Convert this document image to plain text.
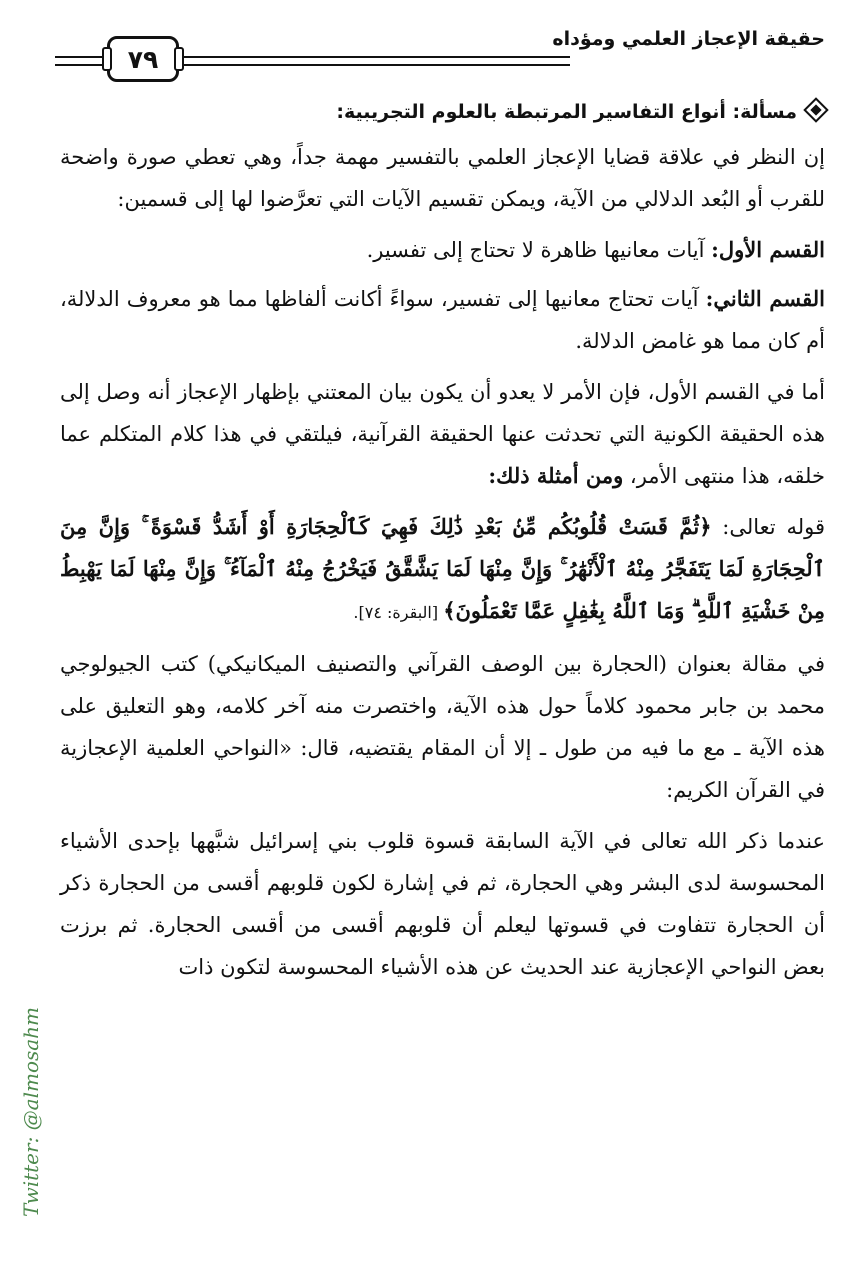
حقيقة الإعجاز العلمي ومؤداه
٧٩
مسألة: أنواع التفاسير المرتبطة بالعلوم التجريبية:

إن النظر في علاقة قضايا الإعجاز العلمي بالتفسير مهمة جداً، وهي تعطي صورة واضحة للقرب أو البُعد الدلالي من الآية، ويمكن تقسيم الآيات التي تعرَّضوا لها إلى قسمين:

القسم الأول: آيات معانيها ظاهرة لا تحتاج إلى تفسير.

القسم الثاني: آيات تحتاج معانيها إلى تفسير، سواءً أكانت ألفاظها مما هو معروف الدلالة، أم كان مما هو غامض الدلالة.

أما في القسم الأول، فإن الأمر لا يعدو أن يكون بيان المعتني بإظهار الإعجاز أنه وصل إلى هذه الحقيقة الكونية التي تحدثت عنها الحقيقة القرآنية، فيلتقي في هذا كلام المتكلم عما خلقه، هذا منتهى الأمر، ومن أمثلة ذلك:

قوله تعالى: ﴿ثُمَّ قَسَتْ قُلُوبُكُم مِّنۢ بَعْدِ ذَٰلِكَ فَهِيَ كَٱلْحِجَارَةِ أَوْ أَشَدُّ قَسْوَةً ۚ وَإِنَّ مِنَ ٱلْحِجَارَةِ لَمَا يَتَفَجَّرُ مِنْهُ ٱلْأَنْهَٰرُ ۚ وَإِنَّ مِنْهَا لَمَا يَشَّقَّقُ فَيَخْرُجُ مِنْهُ ٱلْمَآءُ ۚ وَإِنَّ مِنْهَا لَمَا يَهْبِطُ مِنْ خَشْيَةِ ٱللَّهِ ۗ وَمَا ٱللَّهُ بِغَٰفِلٍ عَمَّا تَعْمَلُونَ﴾ [البقرة: ٧٤].

في مقالة بعنوان (الحجارة بين الوصف القرآني والتصنيف الميكانيكي) كتب الجيولوجي محمد بن جابر محمود كلاماً حول هذه الآية، واختصرت منه آخر كلامه، وهو التعليق على هذه الآية ـ مع ما فيه من طول ـ إلا أن المقام يقتضيه، قال: «النواحي العلمية الإعجازية في القرآن الكريم:

عندما ذكر الله تعالى في الآية السابقة قسوة قلوب بني إسرائيل شبَّهها بإحدى الأشياء المحسوسة لدى البشر وهي الحجارة، ثم في إشارة لكون قلوبهم أقسى من الحجارة ذكر أن الحجارة تتفاوت في قسوتها ليعلم أن قلوبهم أقسى من أقسى الحجارة. ثم برزت بعض النواحي الإعجازية عند الحديث عن هذه الأشياء المحسوسة لتكون ذات

Twitter: @almosahm
